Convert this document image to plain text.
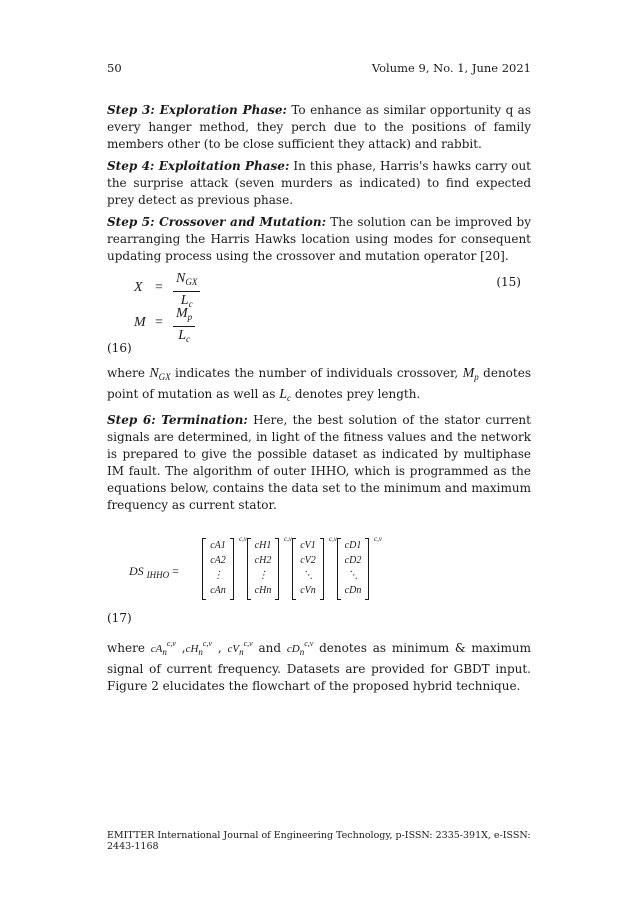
50	Volume 9, No. 1, June 2021

Step 3: Exploration Phase: To enhance as similar opportunity q as every hanger method, they perch due to the positions of family members other (to be close sufficient they attack) and rabbit.

Step 4: Exploitation Phase: In this phase, Harris's hawks carry out the surprise attack (seven murders as indicated) to find expected prey detect as previous phase.

Step 5: Crossover and Mutation: The solution can be improved by rearranging the Harris Hawks location using modes for consequent updating process using the crossover and mutation operator [20].

X =
$N_{GX}$
$L_c$
(15)
M =
$M_p$
$L_c$

(16)

where $N_{GX}$ indicates the number of individuals crossover, $M_p$ denotes point of mutation as well as $L_c$ denotes prey length.

Step 6: Termination: Here, the best solution of the stator current signals are determined, in light of the fitness values and the network is prepared to give the possible dataset as indicated by multiphase IM fault. The algorithm of outer IHHO, which is programmed as the equations below, contains the data set to the minimum and maximum frequency as current stator.

DS $_{IHHO}$ =
cA1
cA2
⋮
cAn
c,v
cH1
cH2
⋮
cHn
c,v
cV1
cV2
⋱
cVn
c,v
cD1
cD2
⋱
cDn
c,v

(17)

where $cA_n^{c,v}$ $,cH_n^{c,v}$ , $cV_n^{c,v}$ and $cD_n^{c,v}$ denotes as minimum & maximum signal of current frequency. Datasets are provided for GBDT input. Figure 2 elucidates the flowchart of the proposed hybrid technique.

EMITTER International Journal of Engineering Technology, p-ISSN: 2335-391X, e-ISSN: 2443-1168
